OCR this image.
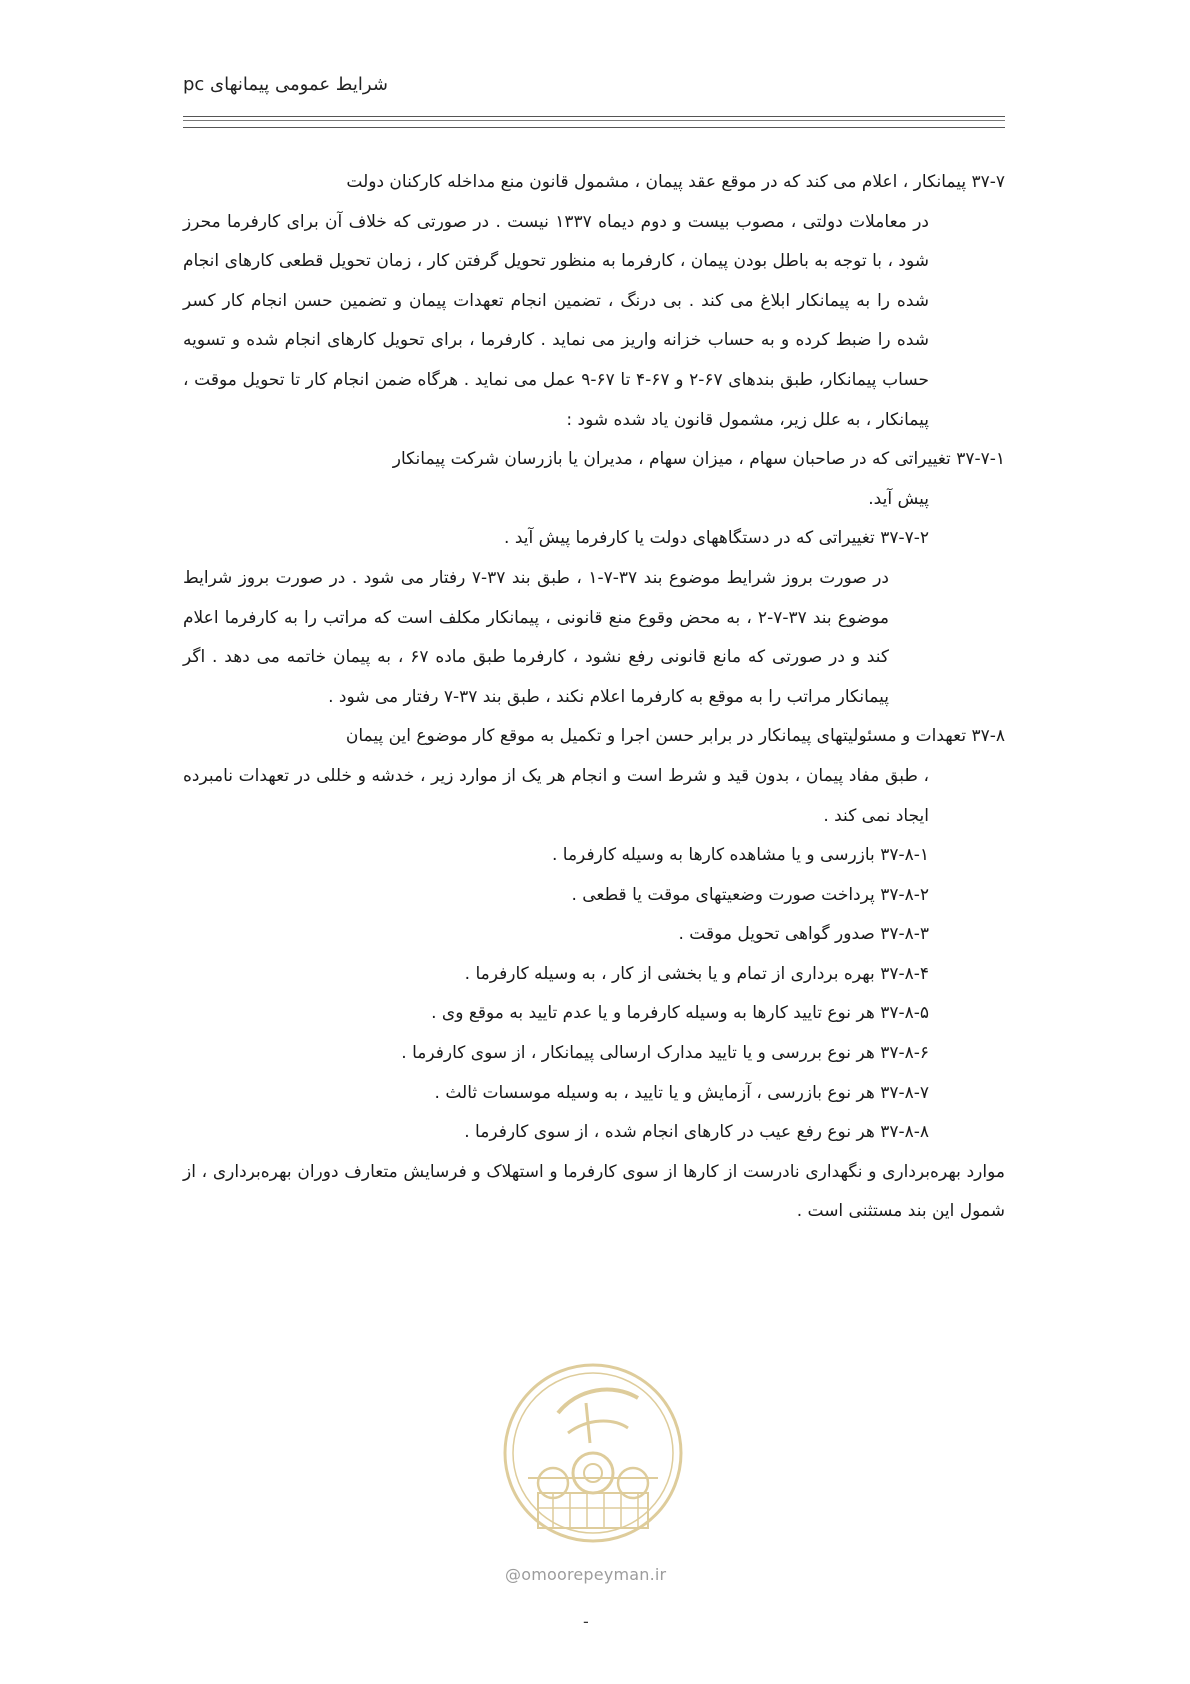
شرایط عمومی پیمانهای pc
۳۷-۷ پیمانکار ، اعلام می کند که در موقع عقد پیمان ، مشمول قانون منع مداخله کارکنان دولت
در معاملات دولتی ، مصوب بیست و دوم دیماه ۱۳۳۷ نیست . در صورتی که خلاف آن برای کارفرما محرز شود ، با توجه به باطل بودن پیمان ، کارفرما به منظور تحویل گرفتن کار ، زمان تحویل قطعی کارهای انجام شده را به پیمانکار ابلاغ می کند . بی درنگ ، تضمین انجام تعهدات پیمان و تضمین حسن انجام کار کسر شده را ضبط کرده و به حساب خزانه واریز می نماید . کارفرما ، برای تحویل کارهای انجام شده و تسویه حساب پیمانکار، طبق بندهای ۶۷-۲ و ۶۷-۴ تا ۶۷-۹ عمل می نماید . هرگاه ضمن انجام کار تا تحویل موقت ، پیمانکار ، به علل زیر، مشمول قانون یاد شده شود :
۳۷-۷-۱ تغییراتی که در صاحبان سهام ، میزان سهام ، مدیران یا بازرسان شرکت پیمانکار
پیش آید.
۳۷-۷-۲ تغییراتی که در دستگاههای دولت یا کارفرما پیش آید .
در صورت بروز شرایط موضوع بند ۳۷-۷-۱ ، طبق بند ۳۷-۷ رفتار می شود . در صورت بروز شرایط موضوع بند ۳۷-۷-۲ ، به محض وقوع منع قانونی ، پیمانکار مکلف است که مراتب را به کارفرما اعلام کند و در صورتی که مانع قانونی رفع نشود ، کارفرما طبق ماده ۶۷ ، به پیمان خاتمه می دهد . اگر پیمانکار مراتب را به موقع به کارفرما اعلام نکند ، طبق بند ۳۷-۷ رفتار می شود .
۳۷-۸ تعهدات و مسئولیتهای پیمانکار در برابر حسن اجرا و تکمیل به موقع کار موضوع این پیمان
، طبق مفاد پیمان ، بدون قید و شرط است و انجام هر یک از موارد زیر ، خدشه و خللی در تعهدات نامبرده ایجاد نمی کند .
۳۷-۸-۱ بازرسی و یا مشاهده کارها به وسیله کارفرما .
۳۷-۸-۲ پرداخت صورت وضعیتهای موقت یا قطعی .
۳۷-۸-۳ صدور گواهی تحویل موقت .
۳۷-۸-۴ بهره برداری از تمام و یا بخشی از کار ، به وسیله کارفرما .
۳۷-۸-۵ هر نوع تایید کارها به وسیله کارفرما و یا عدم تایید به موقع وی .
۳۷-۸-۶ هر نوع بررسی و یا تایید مدارک ارسالی پیمانکار ، از سوی کارفرما .
۳۷-۸-۷ هر نوع بازرسی ، آزمایش و یا تایید ، به وسیله موسسات ثالث .
۳۷-۸-۸ هر نوع رفع عیب در کارهای انجام شده ، از سوی کارفرما .
موارد بهره‌برداری و نگهداری نادرست از کارها از سوی کارفرما و استهلاک و فرسایش متعارف دوران بهره‌برداری ، از شمول این بند مستثنی است .
@omoorepeyman.ir
-
